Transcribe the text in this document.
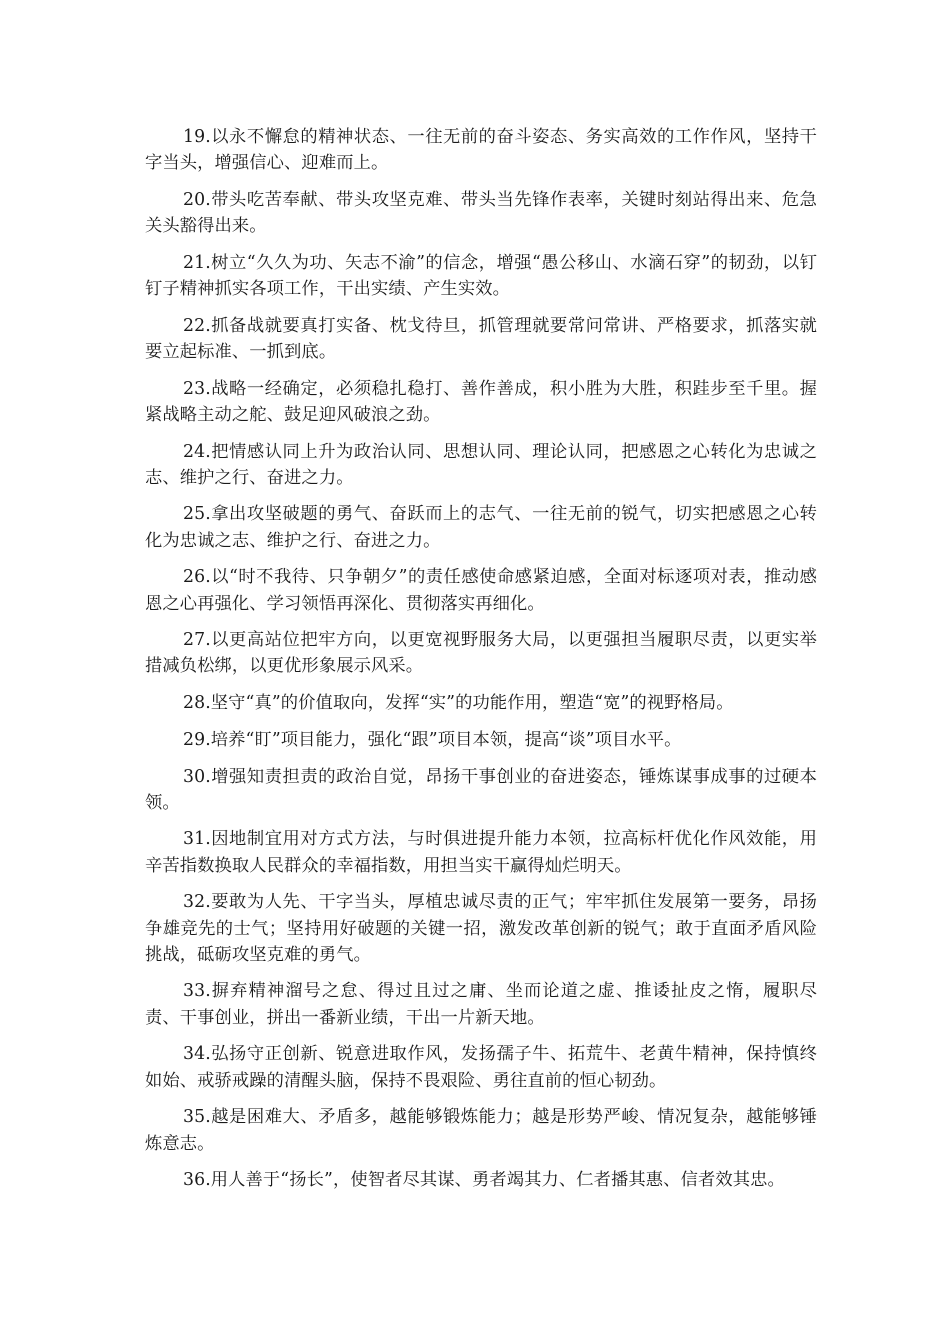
19.以永不懈怠的精神状态、一往无前的奋斗姿态、务实高效的工作作风，坚持干字当头，增强信心、迎难而上。

20.带头吃苦奉献、带头攻坚克难、带头当先锋作表率，关键时刻站得出来、危急关头豁得出来。

21.树立“久久为功、矢志不渝”的信念，增强“愚公移山、水滴石穿”的韧劲，以钉钉子精神抓实各项工作，干出实绩、产生实效。

22.抓备战就要真打实备、枕戈待旦，抓管理就要常问常讲、严格要求，抓落实就要立起标准、一抓到底。

23.战略一经确定，必须稳扎稳打、善作善成，积小胜为大胜，积跬步至千里。握紧战略主动之舵、鼓足迎风破浪之劲。

24.把情感认同上升为政治认同、思想认同、理论认同，把感恩之心转化为忠诚之志、维护之行、奋进之力。

25.拿出攻坚破题的勇气、奋跃而上的志气、一往无前的锐气，切实把感恩之心转化为忠诚之志、维护之行、奋进之力。

26.以“时不我待、只争朝夕”的责任感使命感紧迫感，全面对标逐项对表，推动感恩之心再强化、学习领悟再深化、贯彻落实再细化。

27.以更高站位把牢方向，以更宽视野服务大局，以更强担当履职尽责，以更实举措减负松绑，以更优形象展示风采。

28.坚守“真”的价值取向，发挥“实”的功能作用，塑造“宽”的视野格局。

29.培养“盯”项目能力，强化“跟”项目本领，提高“谈”项目水平。

30.增强知责担责的政治自觉，昂扬干事创业的奋进姿态，锤炼谋事成事的过硬本领。

31.因地制宜用对方式方法，与时俱进提升能力本领，拉高标杆优化作风效能，用辛苦指数换取人民群众的幸福指数，用担当实干赢得灿烂明天。

32.要敢为人先、干字当头，厚植忠诚尽责的正气；牢牢抓住发展第一要务，昂扬争雄竞先的士气；坚持用好破题的关键一招，激发改革创新的锐气；敢于直面矛盾风险挑战，砥砺攻坚克难的勇气。

33.摒弃精神溜号之怠、得过且过之庸、坐而论道之虚、推诿扯皮之惰，履职尽责、干事创业，拼出一番新业绩，干出一片新天地。

34.弘扬守正创新、锐意进取作风，发扬孺子牛、拓荒牛、老黄牛精神，保持慎终如始、戒骄戒躁的清醒头脑，保持不畏艰险、勇往直前的恒心韧劲。

35.越是困难大、矛盾多，越能够锻炼能力；越是形势严峻、情况复杂，越能够锤炼意志。

36.用人善于“扬长”，使智者尽其谋、勇者竭其力、仁者播其惠、信者效其忠。
